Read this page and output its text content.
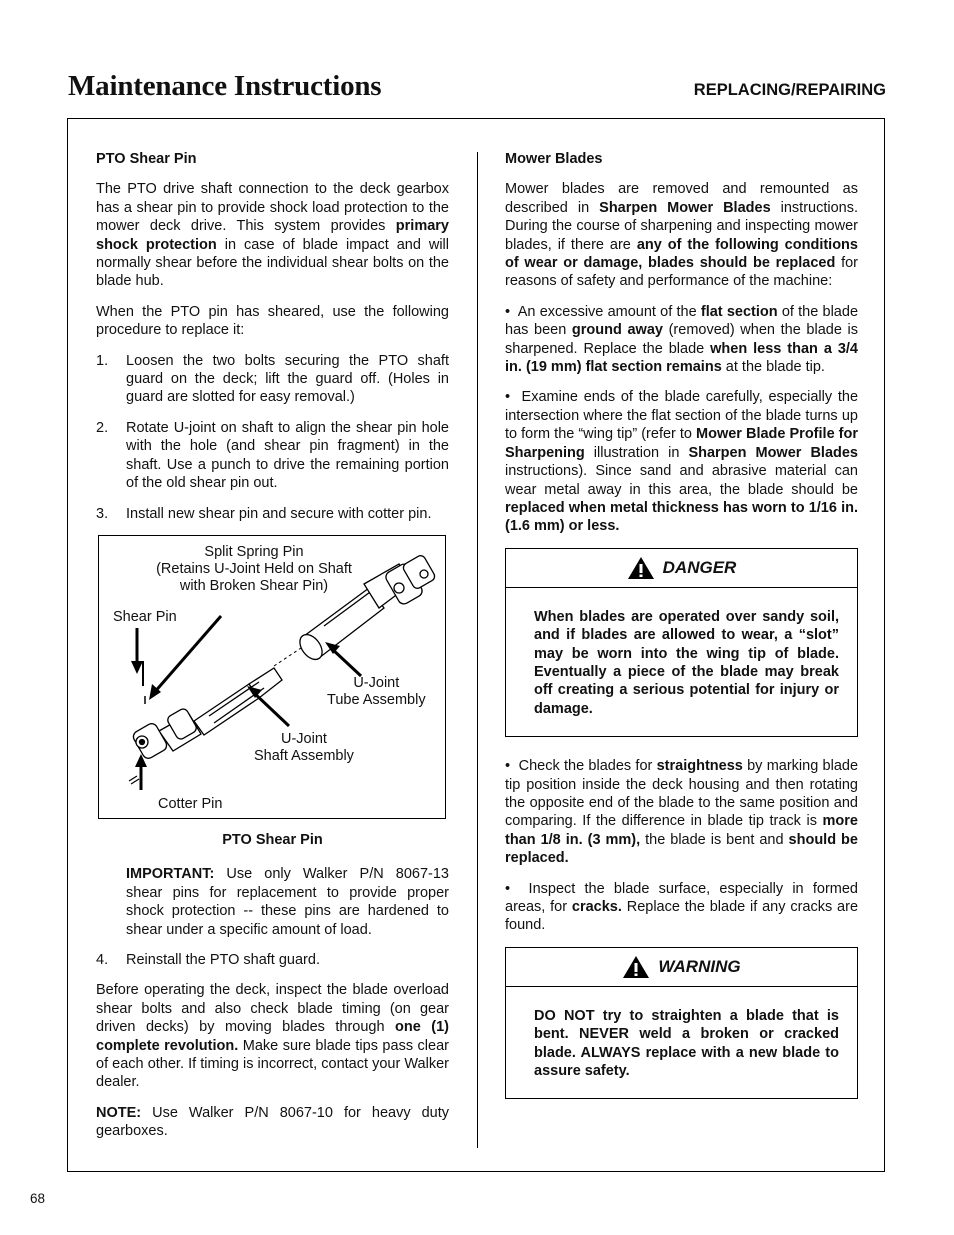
Maintenance Instructions	REPLACING/REPAIRING
PTO Shear Pin

The PTO drive shaft connection to the deck gearbox has a shear pin to provide shock load protection to the mower deck drive. This system provides primary shock protection in case of blade impact and will normally shear before the individual shear bolts on the blade hub.

When the PTO pin has sheared, use the following procedure to replace it:

1.	Loosen the two bolts securing the PTO shaft guard on the deck; lift the guard off. (Holes in guard are slotted for easy removal.)
2.	Rotate U-joint on shaft to align the shear pin hole with the hole (and shear pin fragment) in the shaft. Use a punch to drive the remaining portion of the old shear pin out.
3.	Install new shear pin and secure with cotter pin.
Split Spring Pin
(Retains U-Joint Held on Shaft
with Broken Shear Pin)
Shear Pin
U-Joint
Tube Assembly
U-Joint
Shaft Assembly
Cotter Pin
PTO Shear Pin

IMPORTANT: Use only Walker P/N 8067-13 shear pins for replacement to provide proper shock protection -- these pins are hardened to shear under a specific amount of load.

4.	Reinstall the PTO shaft guard.

Before operating the deck, inspect the blade overload shear bolts and also check blade timing (on gear driven decks) by moving blades through one (1) complete revolution. Make sure blade tips pass clear of each other. If timing is incorrect, contact your Walker dealer.

NOTE: Use Walker P/N 8067-10 for heavy duty gearboxes.

Mower Blades

Mower blades are removed and remounted as described in Sharpen Mower Blades instructions. During the course of sharpening and inspecting mower blades, if there are any of the following conditions of wear or damage, blades should be replaced for reasons of safety and performance of the machine:

• An excessive amount of the flat section of the blade has been ground away (removed) when the blade is sharpened. Replace the blade when less than a 3/4 in. (19 mm) flat section remains at the blade tip.

• Examine ends of the blade carefully, especially the intersection where the flat section of the blade turns up to form the “wing tip” (refer to Mower Blade Profile for Sharpening illustration in Sharpen Mower Blades instructions). Since sand and abrasive material can wear metal away in this area, the blade should be replaced when metal thickness has worn to 1/16 in. (1.6 mm) or less.

DANGER
When blades are operated over sandy soil, and if blades are allowed to wear, a “slot” may be worn into the wing tip of blade. Eventually a piece of the blade may break off creating a serious potential for injury or damage.

• Check the blades for straightness by marking blade tip position inside the deck housing and then rotating the opposite end of the blade to the same position and comparing. If the difference in blade tip track is more than 1/8 in. (3 mm), the blade is bent and should be replaced.

• Inspect the blade surface, especially in formed areas, for cracks. Replace the blade if any cracks are found.

WARNING
DO NOT try to straighten a blade that is bent. NEVER weld a broken or cracked blade. ALWAYS replace with a new blade to assure safety.
68
